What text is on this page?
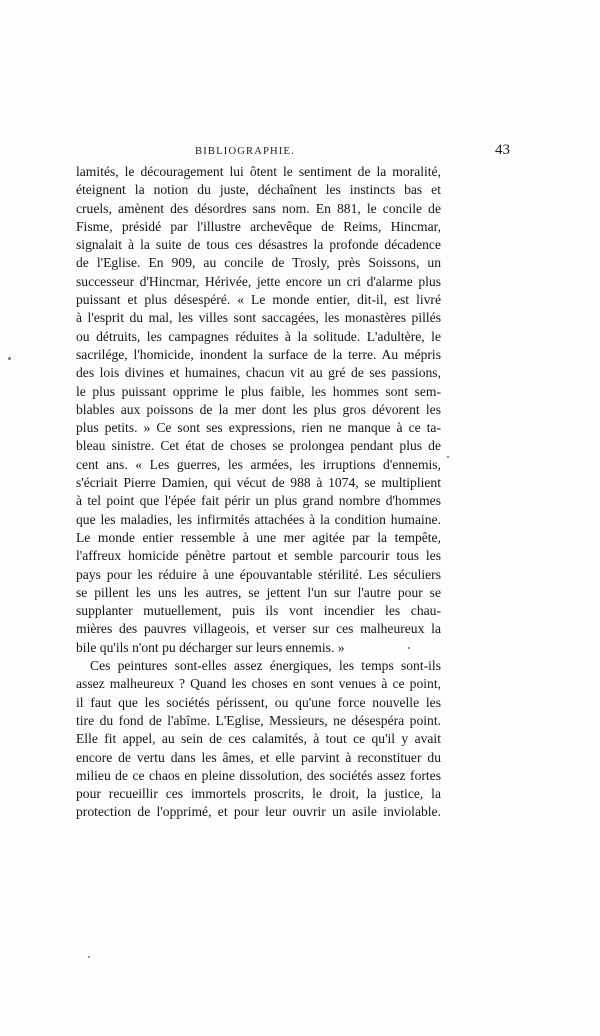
BIBLIOGRAPHIE.	43
lamités, le découragement lui ôtent le sentiment de la moralité,
éteignent la notion du juste, déchaînent les instincts bas et
cruels, amènent des désordres sans nom. En 881, le concile de
Fisme, présidé par l'illustre archevêque de Reims, Hincmar,
signalait à la suite de tous ces désastres la profonde décadence
de l'Eglise. En 909, au concile de Trosly, près Soissons, un
successeur d'Hincmar, Hérivée, jette encore un cri d'alarme plus
puissant et plus désespéré. « Le monde entier, dit-il, est livré
à l'esprit du mal, les villes sont saccagées, les monastères pillés
ou détruits, les campagnes réduites à la solitude. L'adultère, le
sacrilége, l'homicide, inondent la surface de la terre. Au mépris
des lois divines et humaines, chacun vit au gré de ses passions,
le plus puissant opprime le plus faible, les hommes sont sem-
blables aux poissons de la mer dont les plus gros dévorent les
plus petits. » Ce sont ses expressions, rien ne manque à ce ta-
bleau sinistre. Cet état de choses se prolongea pendant plus de
cent ans. « Les guerres, les armées, les irruptions d'ennemis,
s'écriait Pierre Damien, qui vécut de 988 à 1074, se multiplient
à tel point que l'épée fait périr un plus grand nombre d'hommes
que les maladies, les infirmités attachées à la condition humaine.
Le monde entier ressemble à une mer agitée par la tempête,
l'affreux homicide pénètre partout et semble parcourir tous les
pays pour les réduire à une épouvantable stérilité. Les séculiers
se pillent les uns les autres, se jettent l'un sur l'autre pour se
supplanter mutuellement, puis ils vont incendier les chau-
mières des pauvres villageois, et verser sur ces malheureux la
bile qu'ils n'ont pu décharger sur leurs ennemis. »
Ces peintures sont-elles assez énergiques, les temps sont-ils
assez malheureux ? Quand les choses en sont venues à ce point,
il faut que les sociétés périssent, ou qu'une force nouvelle les
tire du fond de l'abîme. L'Eglise, Messieurs, ne désespéra point.
Elle fit appel, au sein de ces calamités, à tout ce qu'il y avait
encore de vertu dans les âmes, et elle parvint à reconstituer du
milieu de ce chaos en pleine dissolution, des sociétés assez fortes
pour recueillir ces immortels proscrits, le droit, la justice, la
protection de l'opprimé, et pour leur ouvrir un asile inviolable.
